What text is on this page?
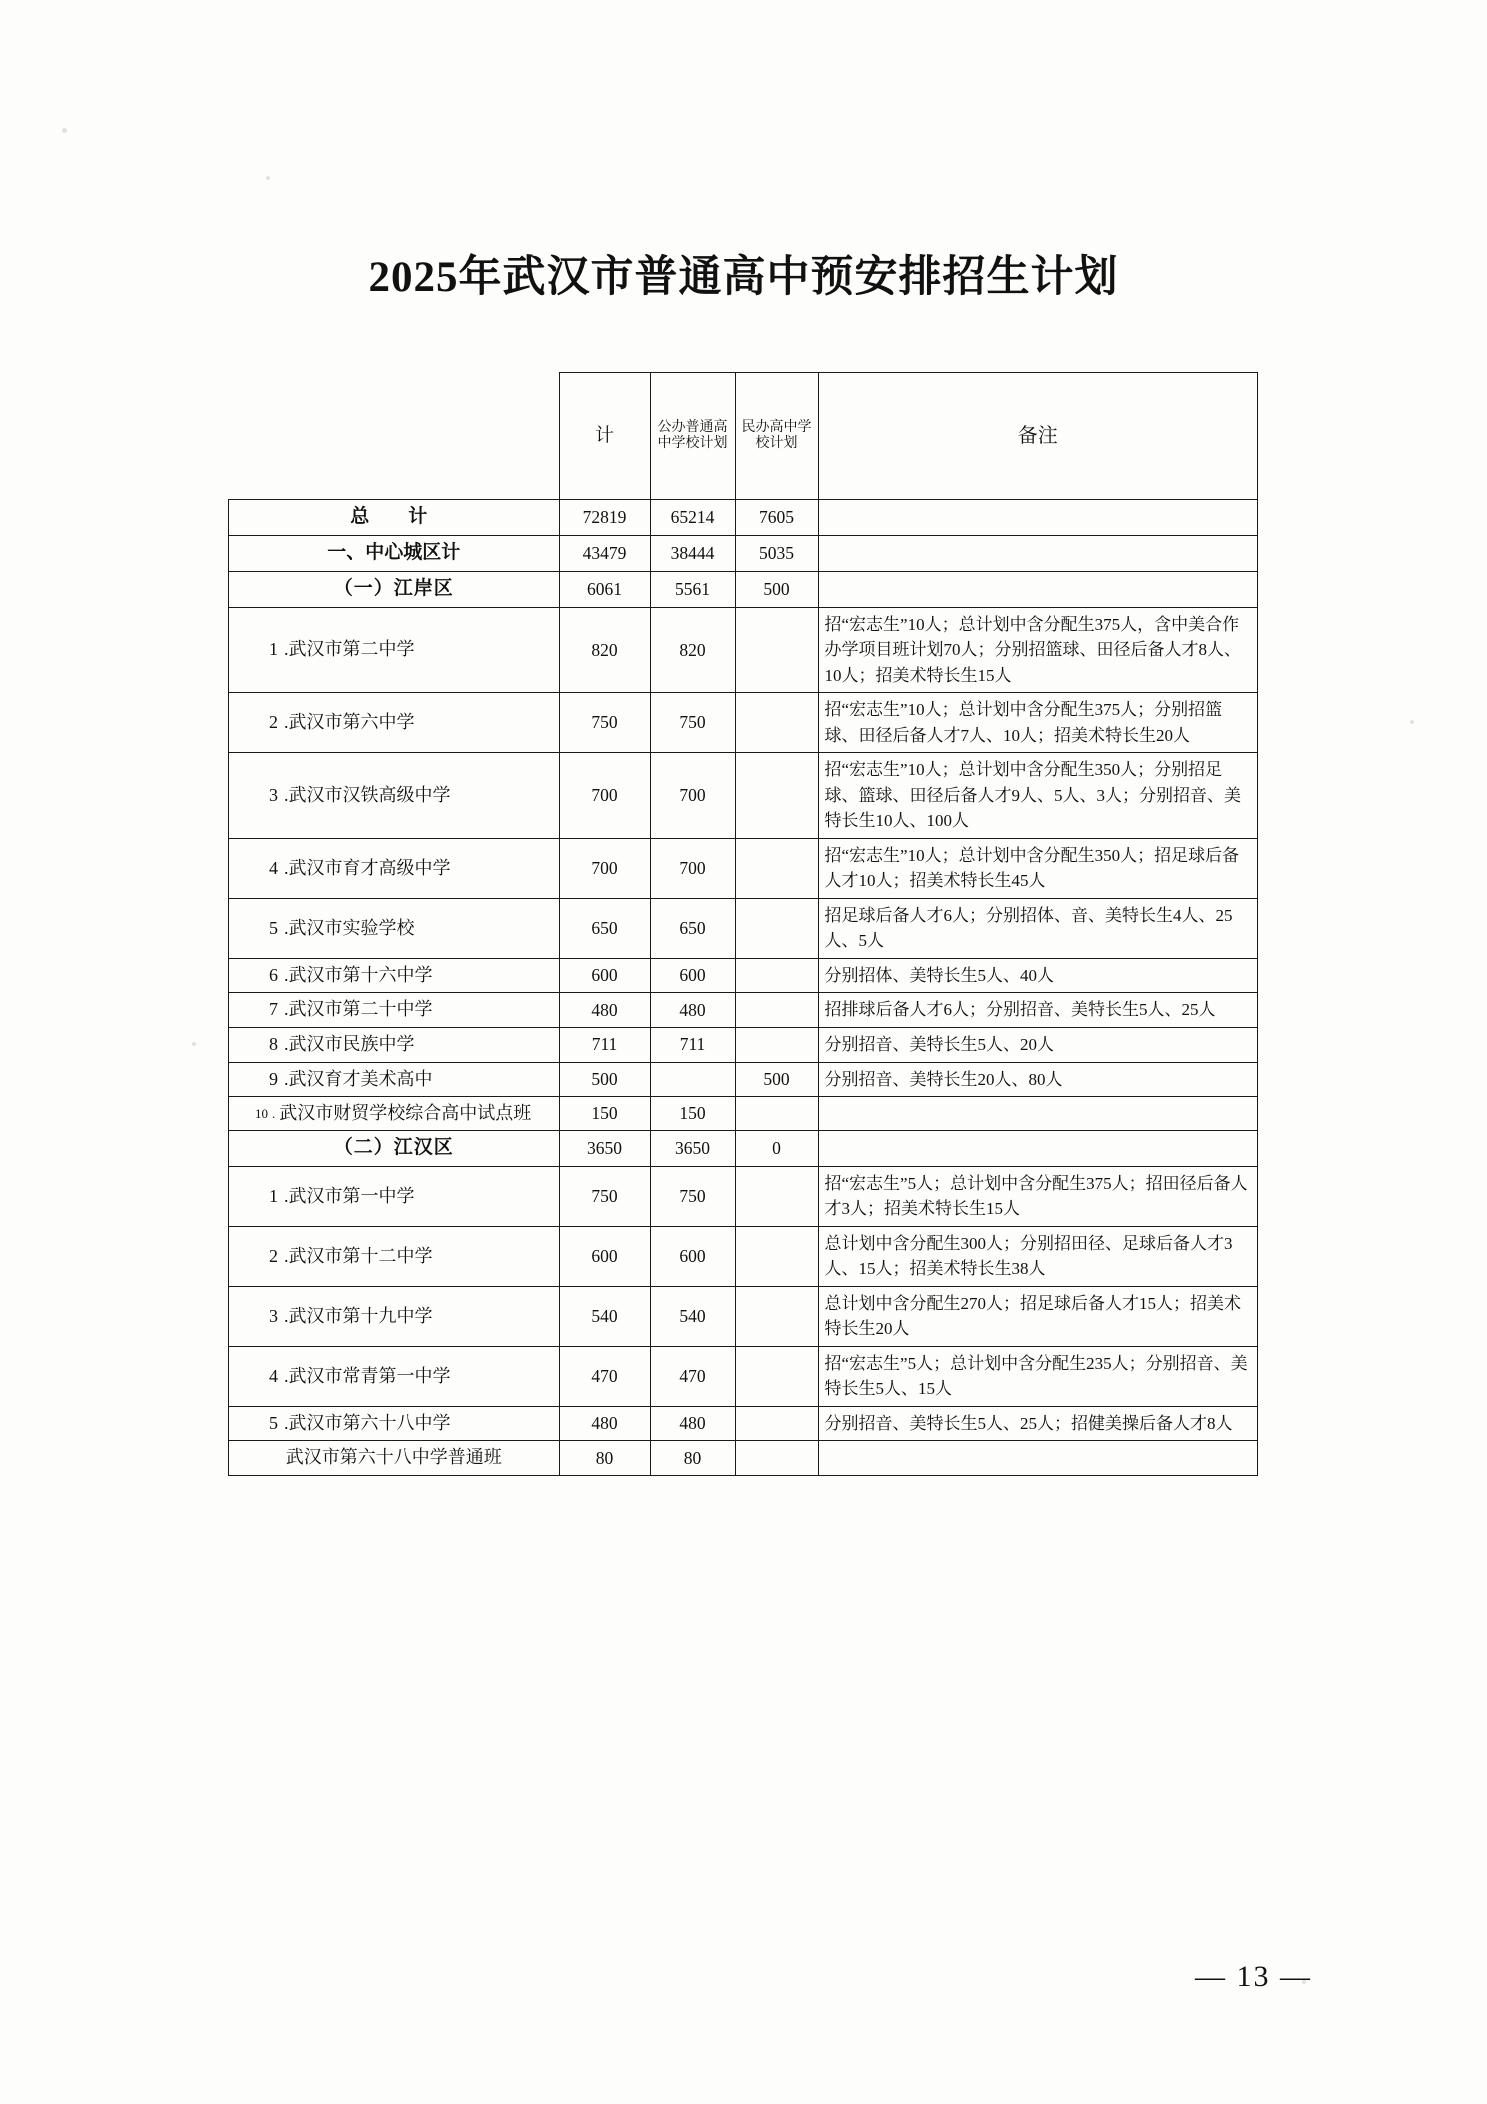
2025年武汉市普通高中预安排招生计划
	计	公办普通高中学校计划	民办高中学校计划	备注
总　计	72819	65214	7605	
一、中心城区计	43479	38444	5035	
（一）江岸区	6061	5561	500	
1 .武汉市第二中学	820	820		招“宏志生”10人；总计划中含分配生375人，含中美合作办学项目班计划70人；分别招篮球、田径后备人才8人、10人；招美术特长生15人
2 .武汉市第六中学	750	750		招“宏志生”10人；总计划中含分配生375人；分别招篮球、田径后备人才7人、10人；招美术特长生20人
3 .武汉市汉铁高级中学	700	700		招“宏志生”10人；总计划中含分配生350人；分别招足球、篮球、田径后备人才9人、5人、3人；分别招音、美特长生10人、100人
4 .武汉市育才高级中学	700	700		招“宏志生”10人；总计划中含分配生350人；招足球后备人才10人；招美术特长生45人
5 .武汉市实验学校	650	650		招足球后备人才6人；分别招体、音、美特长生4人、25人、5人
6 .武汉市第十六中学	600	600		分别招体、美特长生5人、40人
7 .武汉市第二十中学	480	480		招排球后备人才6人；分别招音、美特长生5人、25人
8 .武汉市民族中学	711	711		分别招音、美特长生5人、20人
9 .武汉育才美术高中	500		500	分别招音、美特长生20人、80人

10 . 武汉市财贸学校综合高中试点班	150	150		
（二）江汉区	3650	3650	0	
1 .武汉市第一中学	750	750		招“宏志生”5人；总计划中含分配生375人；招田径后备人才3人；招美术特长生15人
2 .武汉市第十二中学	600	600		总计划中含分配生300人；分别招田径、足球后备人才3人、15人；招美术特长生38人
3 .武汉市第十九中学	540	540		总计划中含分配生270人；招足球后备人才15人；招美术特长生20人
4 .武汉市常青第一中学	470	470		招“宏志生”5人；总计划中含分配生235人；分别招音、美特长生5人、15人
5 .武汉市第六十八中学	480	480		分别招音、美特长生5人、25人；招健美操后备人才8人
武汉市第六十八中学普通班	80	80		
— 13 —
